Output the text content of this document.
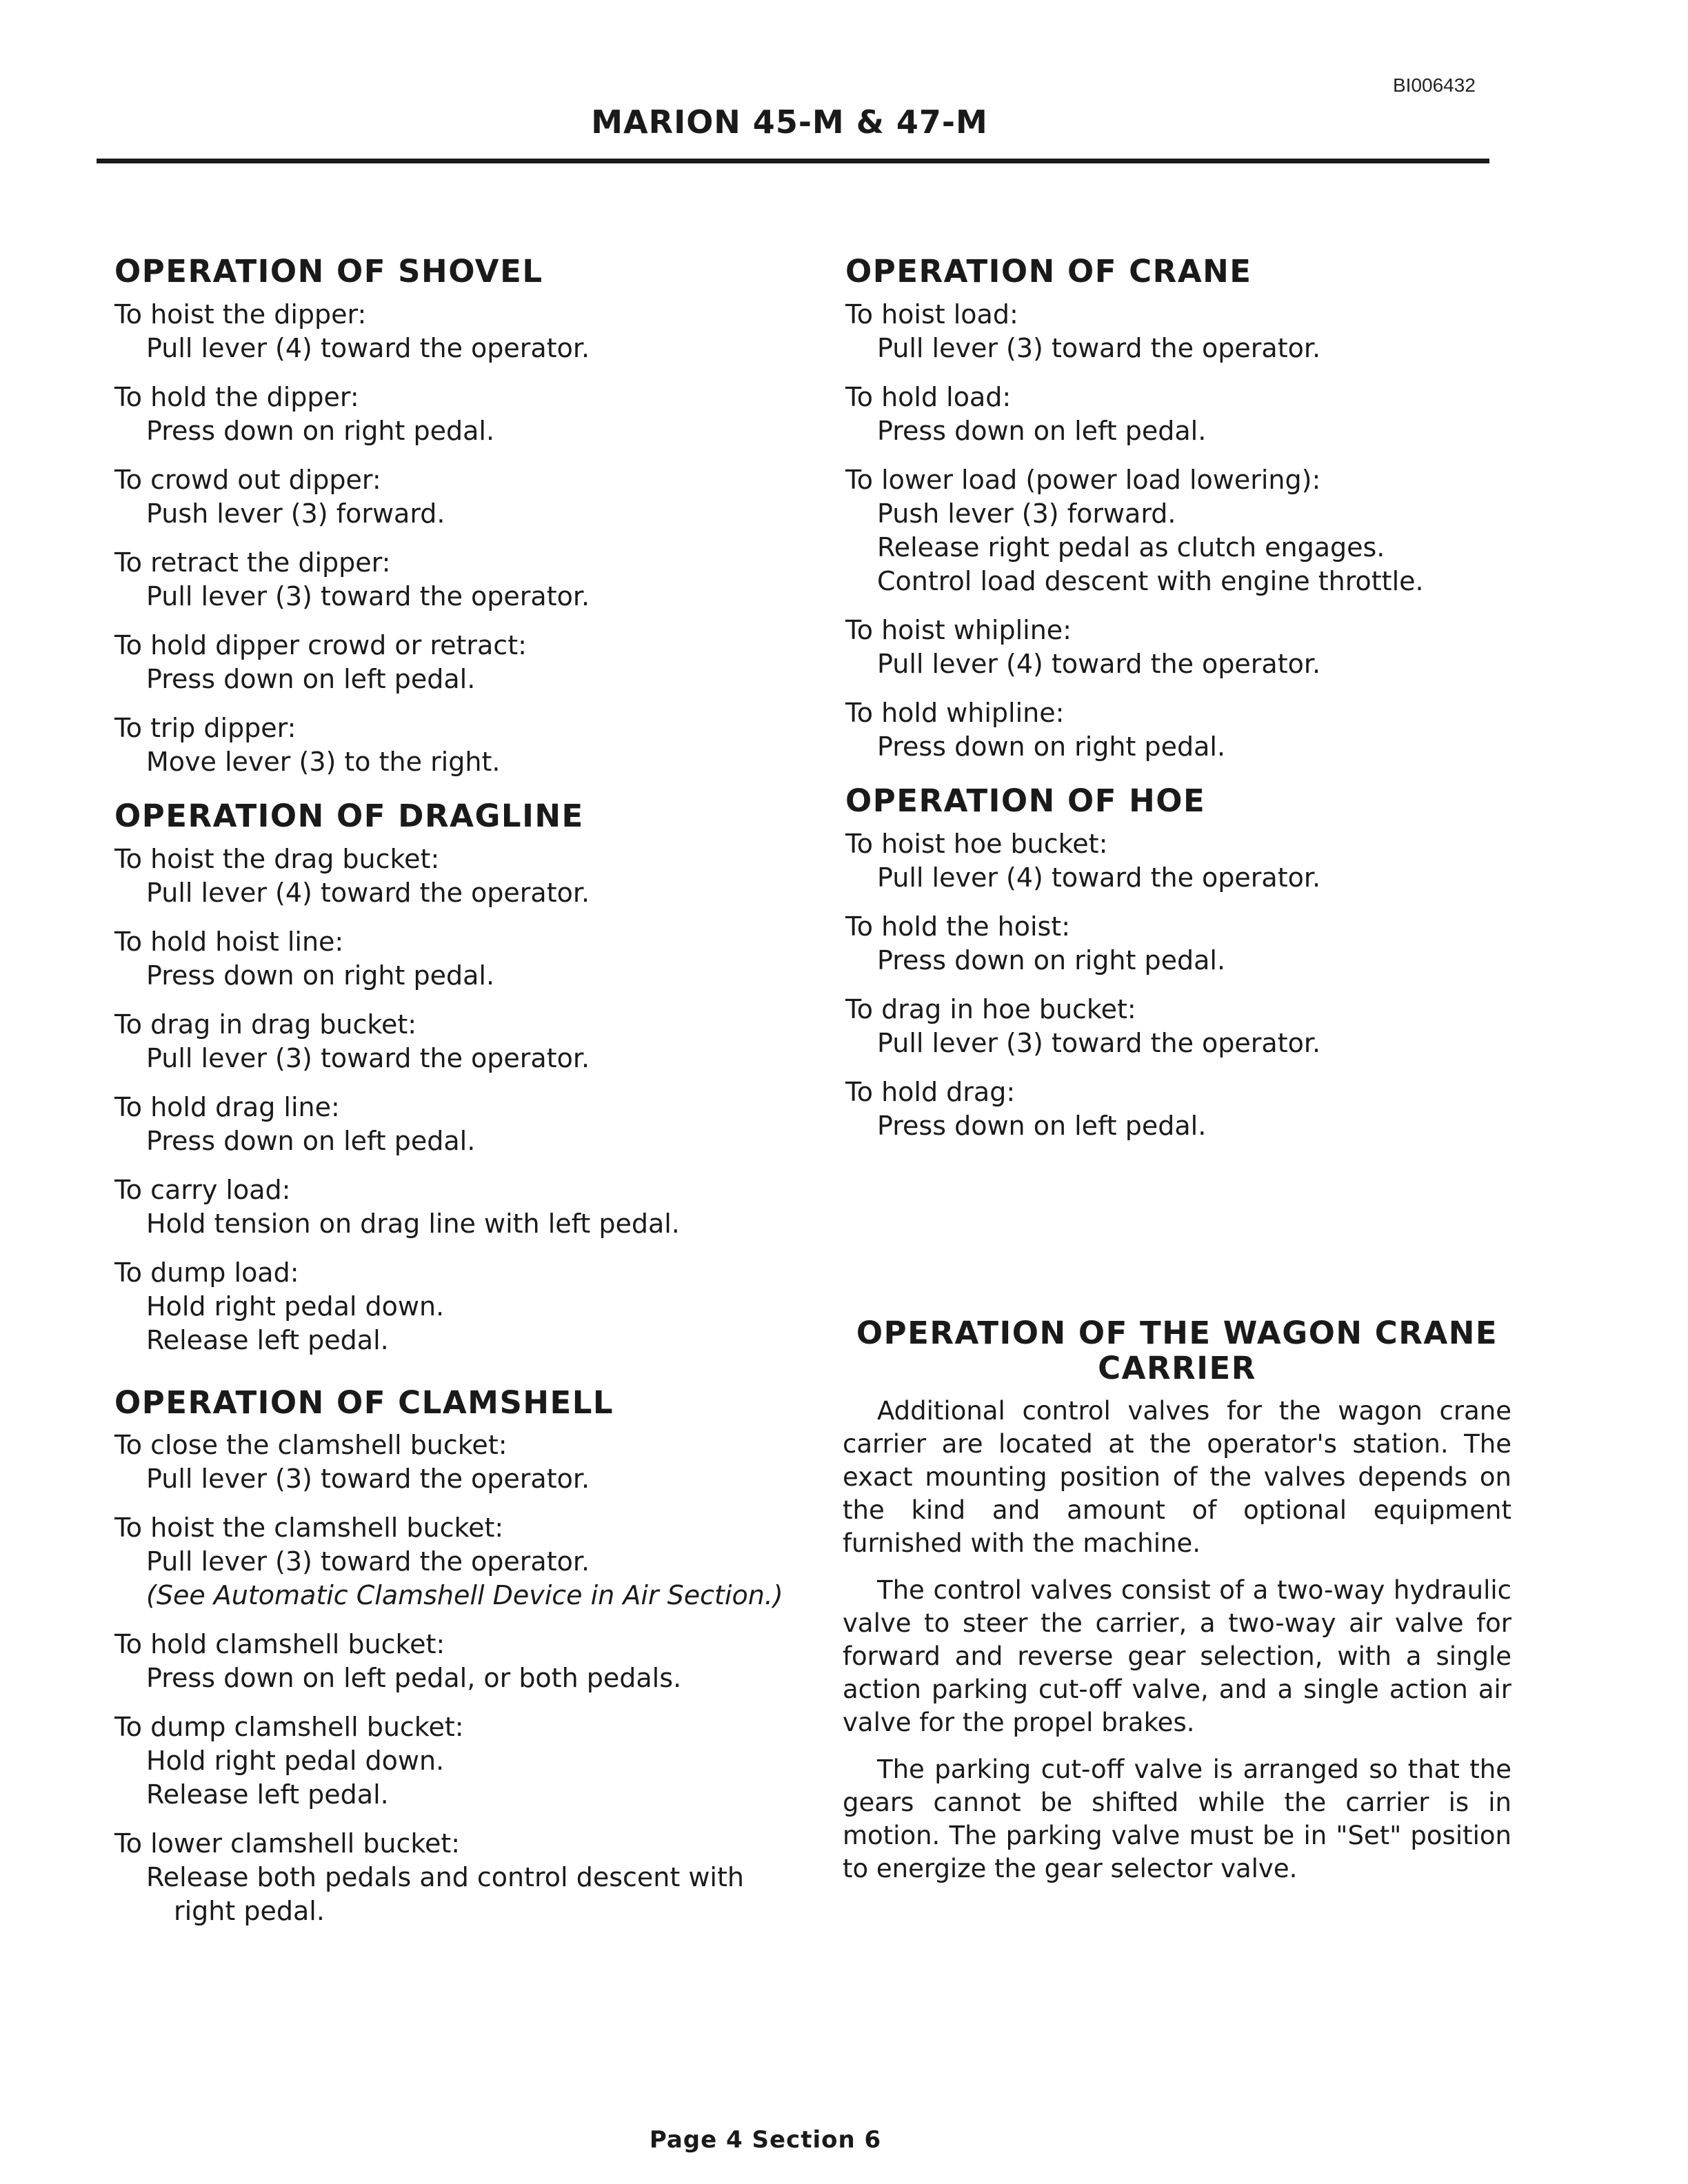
BI006432
MARION 45-M & 47-M
OPERATION OF SHOVEL
To hoist the dipper:
Pull lever (4) toward the operator.
To hold the dipper:
Press down on right pedal.
To crowd out dipper:
Push lever (3) forward.
To retract the dipper:
Pull lever (3) toward the operator.
To hold dipper crowd or retract:
Press down on left pedal.
To trip dipper:
Move lever (3) to the right.
OPERATION OF DRAGLINE
To hoist the drag bucket:
Pull lever (4) toward the operator.
To hold hoist line:
Press down on right pedal.
To drag in drag bucket:
Pull lever (3) toward the operator.
To hold drag line:
Press down on left pedal.
To carry load:
Hold tension on drag line with left pedal.
To dump load:
Hold right pedal down.
Release left pedal.
OPERATION OF CLAMSHELL
To close the clamshell bucket:
Pull lever (3) toward the operator.
To hoist the clamshell bucket:
Pull lever (3) toward the operator.
(See Automatic Clamshell Device in Air Section.)
To hold clamshell bucket:
Press down on left pedal, or both pedals.
To dump clamshell bucket:
Hold right pedal down.
Release left pedal.
To lower clamshell bucket:
Release both pedals and control descent with right pedal.
OPERATION OF CRANE
To hoist load:
Pull lever (3) toward the operator.
To hold load:
Press down on left pedal.
To lower load (power load lowering):
Push lever (3) forward.
Release right pedal as clutch engages.
Control load descent with engine throttle.
To hoist whipline:
Pull lever (4) toward the operator.
To hold whipline:
Press down on right pedal.
OPERATION OF HOE
To hoist hoe bucket:
Pull lever (4) toward the operator.
To hold the hoist:
Press down on right pedal.
To drag in hoe bucket:
Pull lever (3) toward the operator.
To hold drag:
Press down on left pedal.
OPERATION OF THE WAGON CRANE
CARRIER

Additional control valves for the wagon crane carrier are located at the operator's station. The exact mounting position of the valves depends on the kind and amount of optional equipment furnished with the machine.

The control valves consist of a two-way hydraulic valve to steer the carrier, a two-way air valve for forward and reverse gear selection, with a single action parking cut-off valve, and a single action air valve for the propel brakes.

The parking cut-off valve is arranged so that the gears cannot be shifted while the carrier is in motion. The parking valve must be in "Set" position to energize the gear selector valve.

Page 4 Section 6
